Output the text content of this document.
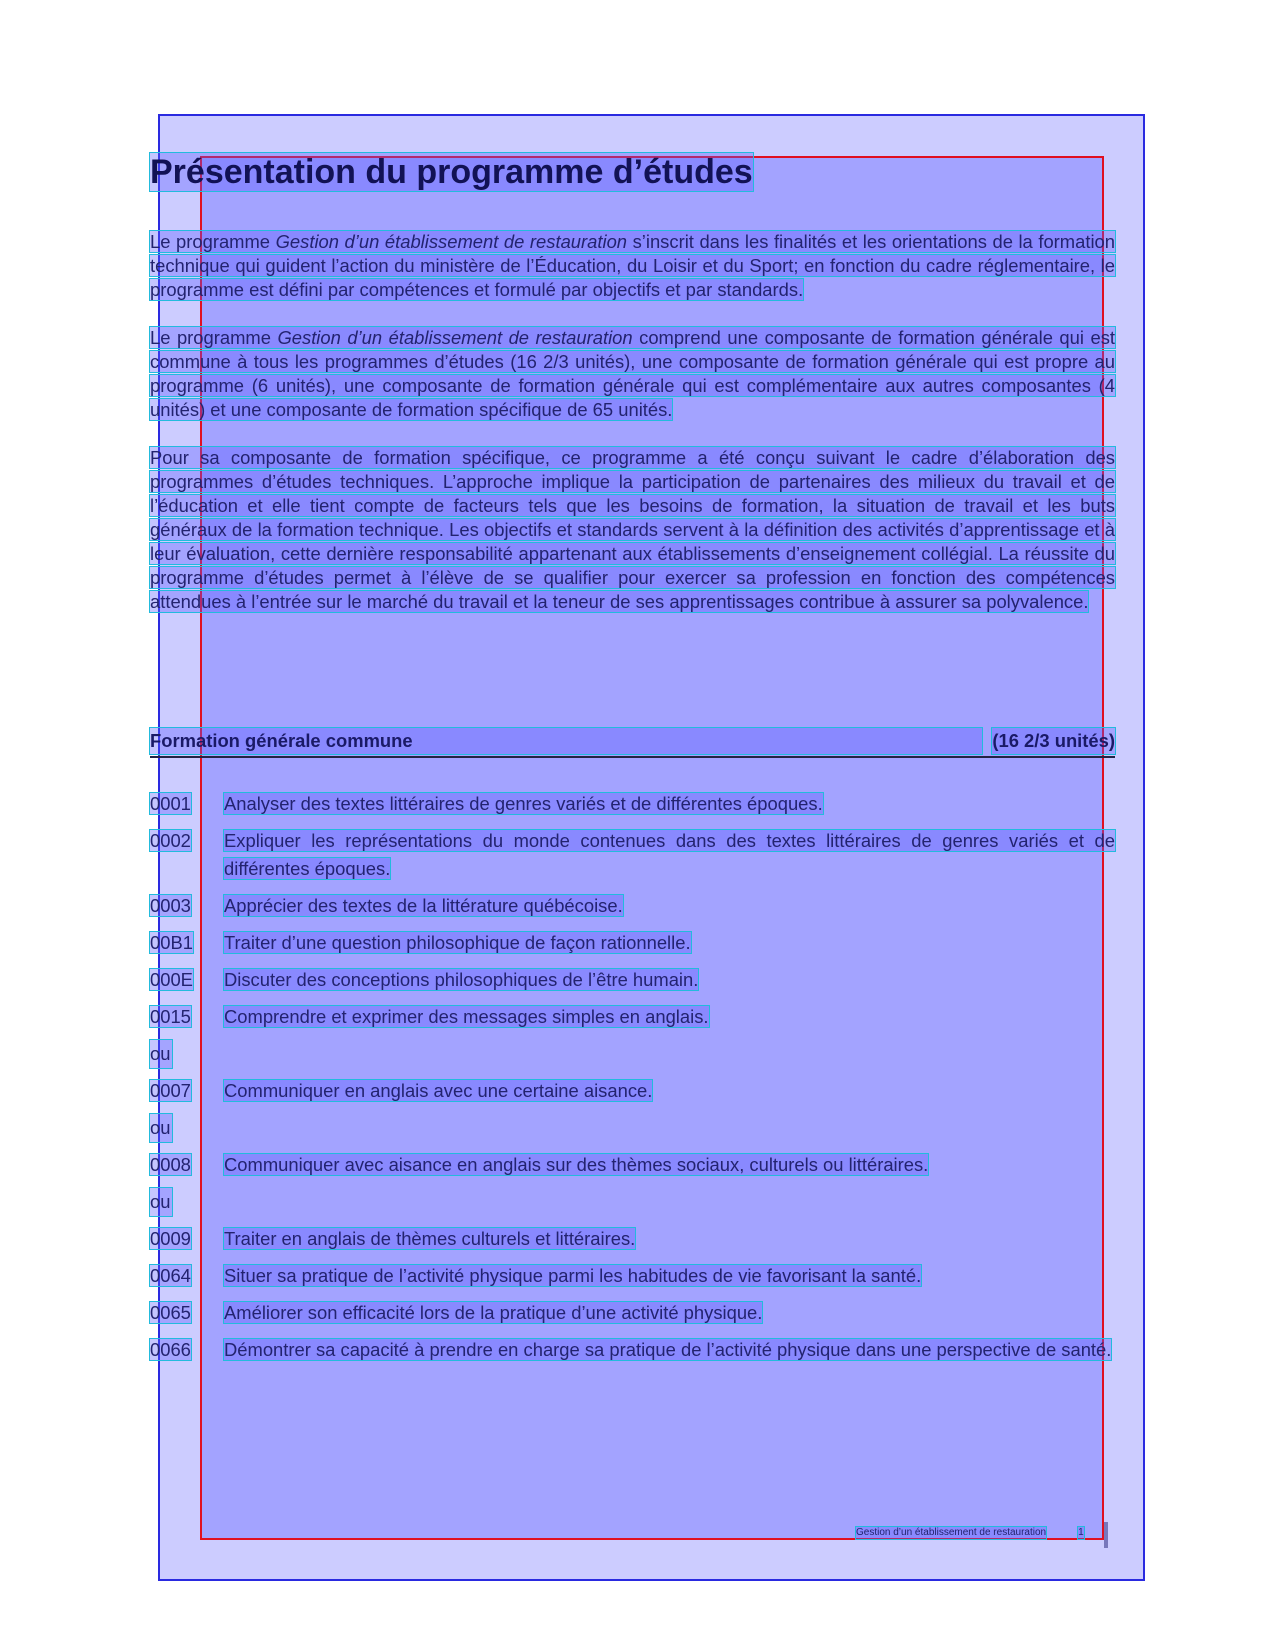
Présentation du programme d’études

Le programme Gestion d’un établissement de restauration s’inscrit dans les finalités et les orientations de la formation technique qui guident l’action du ministère de l’Éducation, du Loisir et du Sport; en fonction du cadre réglementaire, le programme est défini par compétences et formulé par objectifs et par standards.

Le programme Gestion d’un établissement de restauration comprend une composante de formation générale qui est commune à tous les programmes d’études (16 2/3 unités), une composante de formation générale qui est propre au programme (6 unités), une composante de formation générale qui est complémentaire aux autres composantes (4 unités) et une composante de formation spécifique de 65 unités.

Pour sa composante de formation spécifique, ce programme a été conçu suivant le cadre d’élaboration des programmes d’études techniques. L’approche implique la participation de partenaires des milieux du travail et de l’éducation et elle tient compte de facteurs tels que les besoins de formation, la situation de travail et les buts généraux de la formation technique. Les objectifs et standards servent à la définition des activités d’apprentissage et à leur évaluation, cette dernière responsabilité appartenant aux établissements d’enseignement collégial. La réussite du programme d’études permet à l’élève de se qualifier pour exercer sa profession en fonction des compétences attendues à l’entrée sur le marché du travail et la teneur de ses apprentissages contribue à assurer sa polyvalence.

Formation générale commune	(16 2/3 unités)
0001	Analyser des textes littéraires de genres variés et de différentes époques.
0002	Expliquer les représentations du monde contenues dans des textes littéraires de genres variés et de différentes époques.
0003	Apprécier des textes de la littérature québécoise.
00B1	Traiter d’une question philosophique de façon rationnelle.
000E	Discuter des conceptions philosophiques de l’être humain.
0015	Comprendre et exprimer des messages simples en anglais.
ou
0007	Communiquer en anglais avec une certaine aisance.
ou
0008	Communiquer avec aisance en anglais sur des thèmes sociaux, culturels ou littéraires.
ou
0009	Traiter en anglais de thèmes culturels et littéraires.
0064	Situer sa pratique de l’activité physique parmi les habitudes de vie favorisant la santé.
0065	Améliorer son efficacité lors de la pratique d’une activité physique.
0066	Démontrer sa capacité à prendre en charge sa pratique de l’activité physique dans une perspective de santé.
Gestion d’un établissement de restauration	1
